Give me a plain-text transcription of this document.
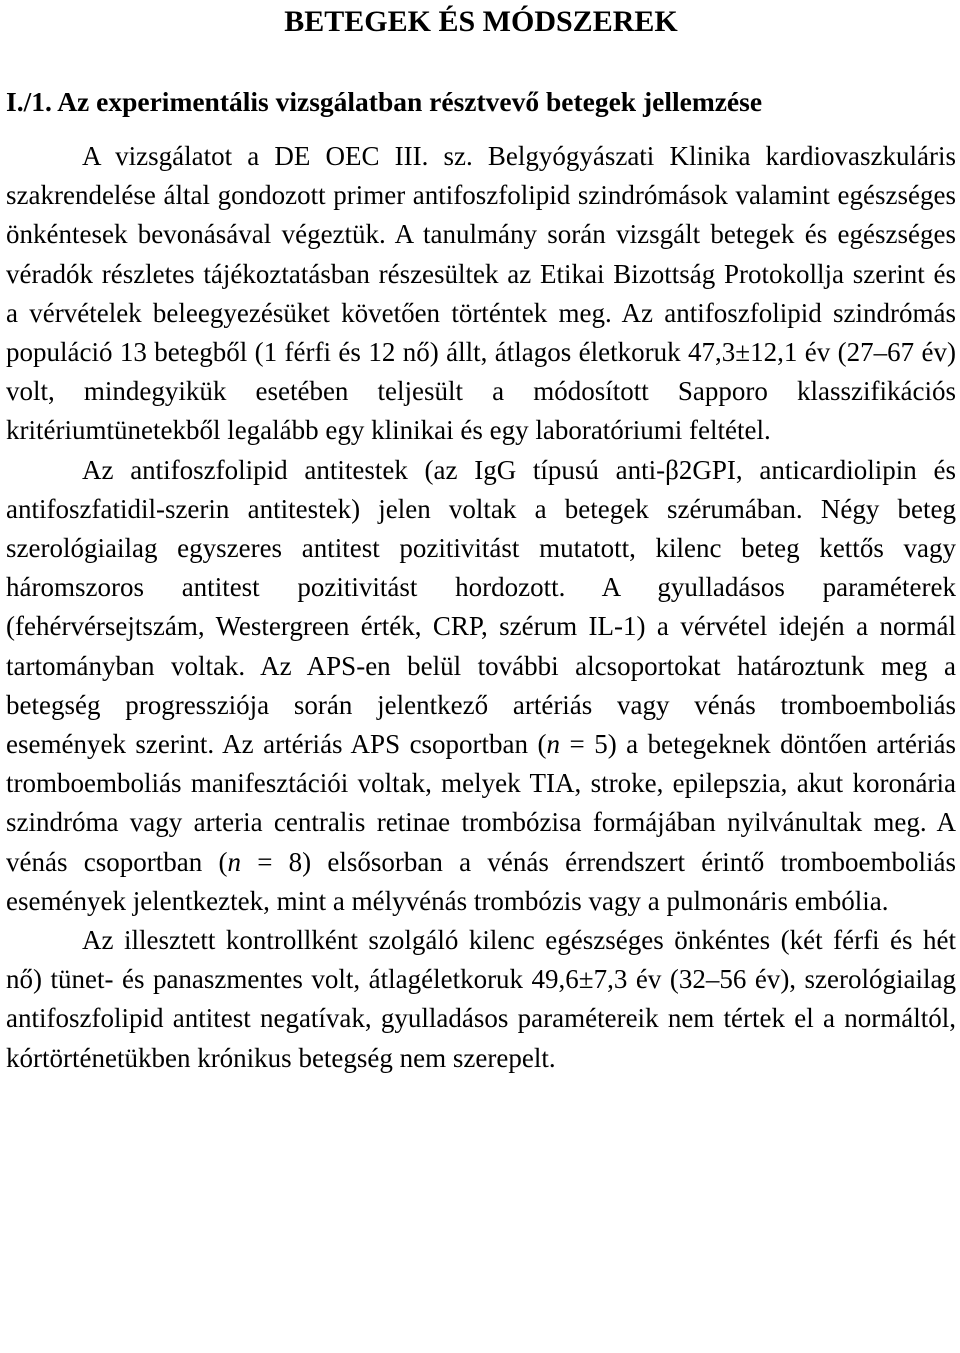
BETEGEK ÉS MÓDSZEREK
I./1. Az experimentális vizsgálatban résztvevő betegek jellemzése

A vizsgálatot a DE OEC III. sz. Belgyógyászati Klinika kardiovaszkuláris szakrendelése által gondozott primer antifoszfolipid szindrómások valamint egészséges önkéntesek bevonásával végeztük. A tanulmány során vizsgált betegek és egészséges véradók részletes tájékoztatásban részesültek az Etikai Bizottság Protokollja szerint és a vérvételek beleegyezésüket követően történtek meg. Az antifoszfolipid szindrómás populáció 13 betegből (1 férfi és 12 nő) állt, átlagos életkoruk 47,3±12,1 év (27–67 év) volt, mindegyikük esetében teljesült a módosított Sapporo klasszifikációs kritériumtünetekből legalább egy klinikai és egy laboratóriumi feltétel.

Az antifoszfolipid antitestek (az IgG típusú anti-β2GPI, anticardiolipin és antifoszfatidil-szerin antitestek) jelen voltak a betegek szérumában. Négy beteg szerológiailag egyszeres antitest pozitivitást mutatott, kilenc beteg kettős vagy háromszoros antitest pozitivitást hordozott. A gyulladásos paraméterek (fehérvérsejtszám, Westergreen érték, CRP, szérum IL-1) a vérvétel idején a normál tartományban voltak. Az APS-en belül további alcsoportokat határoztunk meg a betegség progressziója során jelentkező artériás vagy vénás tromboemboliás események szerint. Az artériás APS csoportban (n = 5) a betegeknek döntően artériás tromboemboliás manifesztációi voltak, melyek TIA, stroke, epilepszia, akut koronária szindróma vagy arteria centralis retinae trombózisa formájában nyilvánultak meg. A vénás csoportban (n = 8) elsősorban a vénás érrendszert érintő tromboemboliás események jelentkeztek, mint a mélyvénás trombózis vagy a pulmonáris embólia.

Az illesztett kontrollként szolgáló kilenc egészséges önkéntes (két férfi és hét nő) tünet- és panaszmentes volt, átlagéletkoruk 49,6±7,3 év (32–56 év), szerológiailag antifoszfolipid antitest negatívak, gyulladásos paramétereik nem tértek el a normáltól, kórtörténetükben krónikus betegség nem szerepelt.
